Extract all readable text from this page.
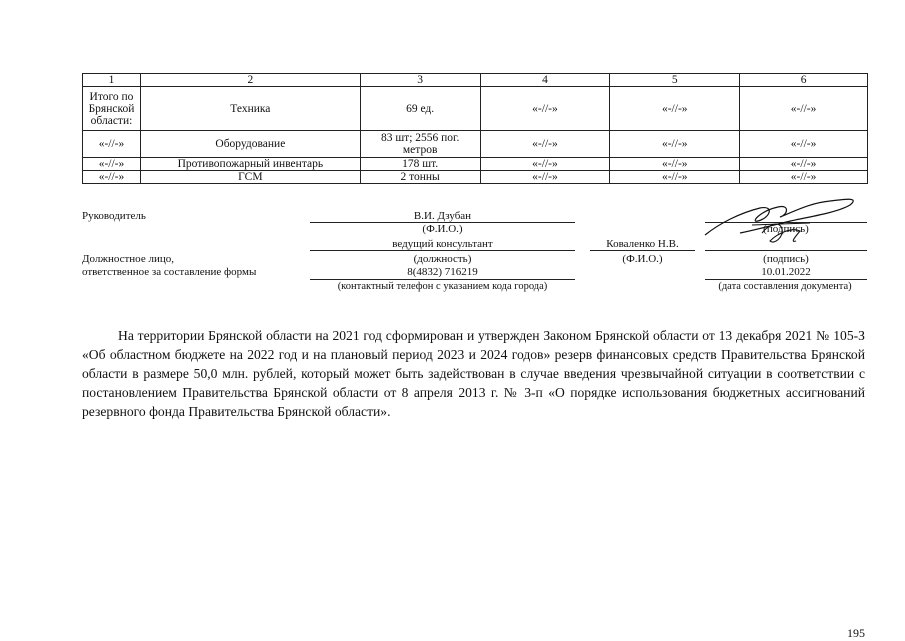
1	2	3	4	5	6
Итого по Брянской области:	Техника	69 ед.	«-//-»	«-//-»	«-//-»
«-//-»	Оборудование	83 шт; 2556 пог. метров	«-//-»	«-//-»	«-//-»
«-//-»	Противопожарный инвентарь	178 шт.	«-//-»	«-//-»	«-//-»
«-//-»	ГСМ	2 тонны	«-//-»	«-//-»	«-//-»
Руководитель	В.И. Дзубан
(Ф.И.О.)	(подпись)
ведущий консультант	Коваленко Н.В.
Должностное лицо,
ответственное за составление формы
(должность)	(Ф.И.О.)	(подпись)
8(4832) 716219	10.01.2022
(контактный телефон с указанием кода города)	(дата составления документа)
На территории Брянской области на 2021 год сформирован и утвержден Законом Брянской области от 13 декабря 2021 № 105-З «Об областном бюджете на 2022 год и на плановый период 2023 и 2024 годов» резерв финансовых средств Правительства Брянской области в размере 50,0 млн. рублей, который может быть задействован в случае введения чрезвычайной ситуации в соответствии с постановлением Правительства Брянской области от 8 апреля 2013 г. № 3-п «О порядке использования бюджетных ассигнований резервного фонда Правительства Брянской области».
195
